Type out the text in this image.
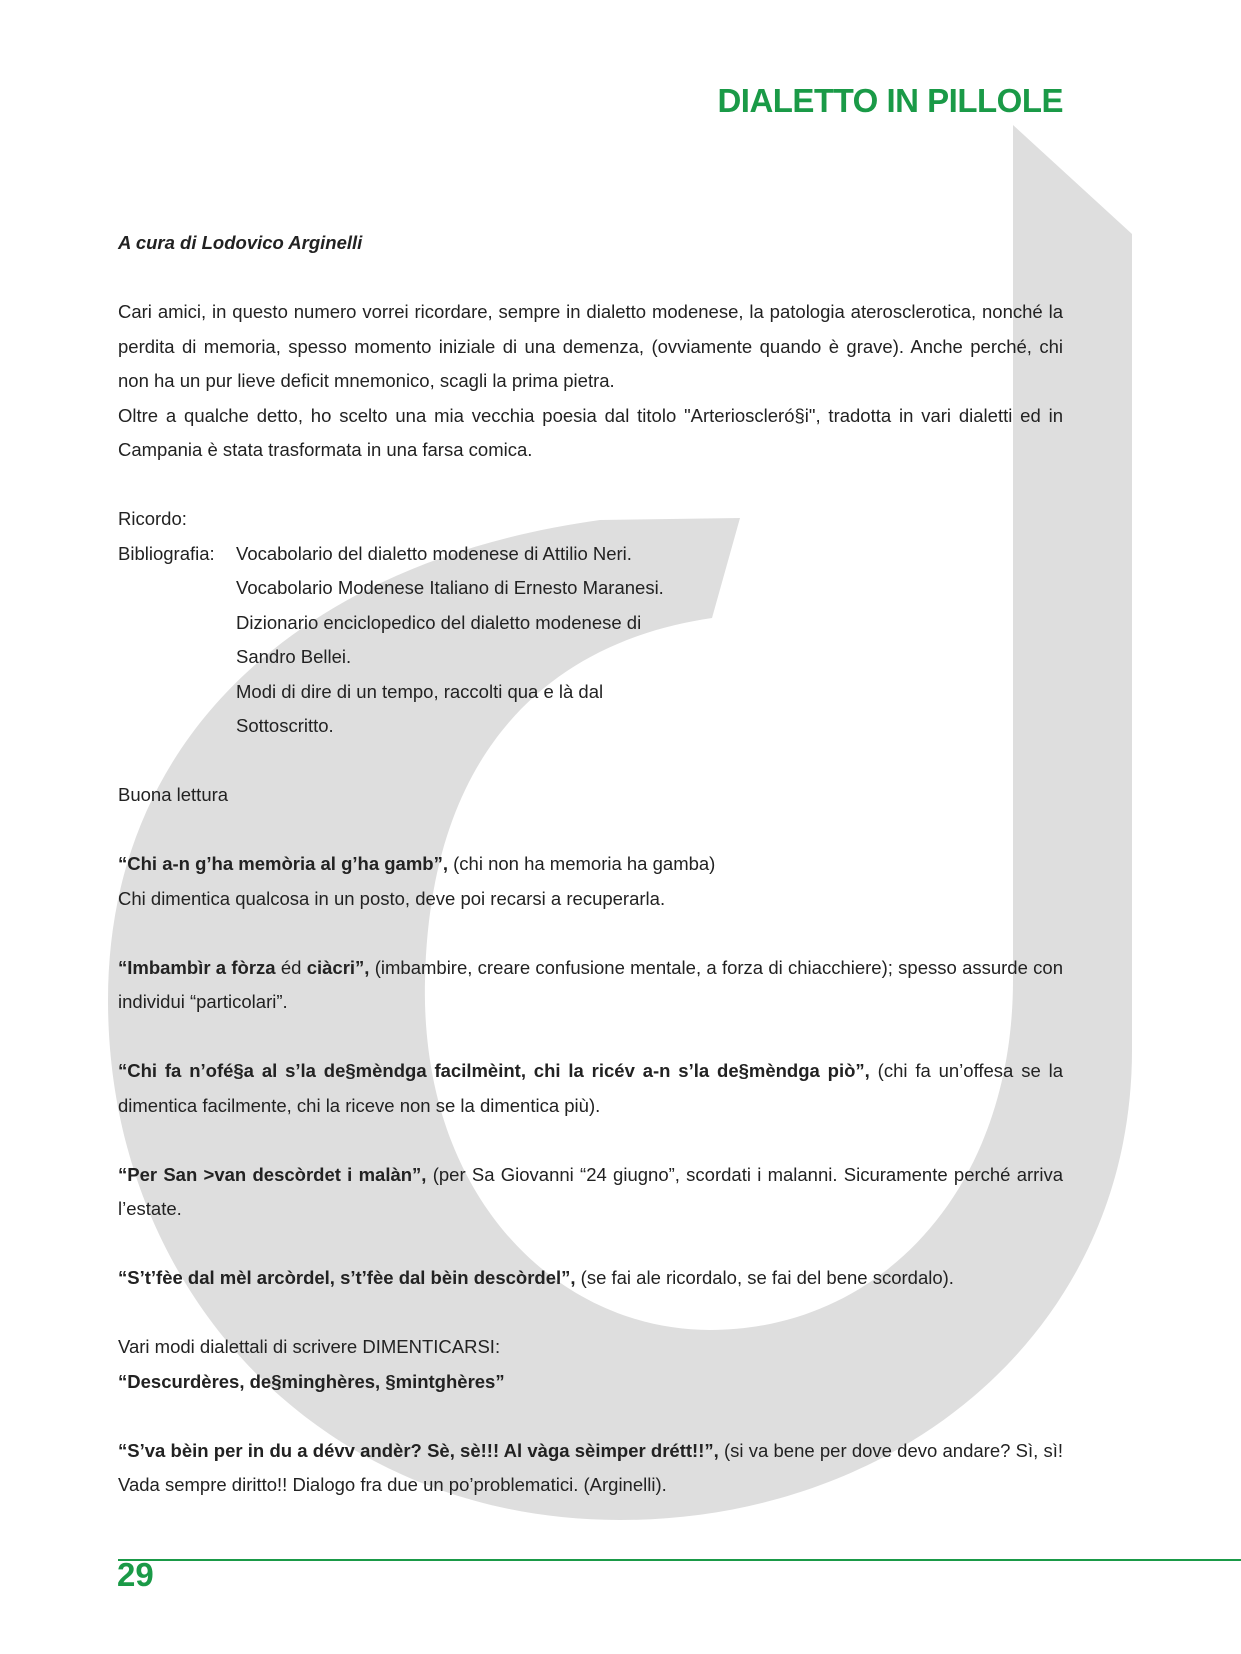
DIALETTO IN PILLOLE

A cura di Lodovico Arginelli

Cari amici, in questo numero vorrei ricordare, sempre in dialetto modenese, la patologia aterosclerotica, nonché la perdita di memoria, spesso momento iniziale di una demenza, (ovviamente quando è grave). Anche perché, chi non ha un pur lieve deficit mnemonico, scagli la prima pietra.

Oltre a qualche detto, ho scelto una mia vecchia poesia dal titolo "Arterioscleró§i", tradotta in vari dialetti ed in Campania è stata trasformata in una farsa comica.

Ricordo:

Bibliografia:	Vocabolario del dialetto modenese di Attilio Neri.
Vocabolario Modenese Italiano di Ernesto Maranesi.
Dizionario enciclopedico del dialetto modenese di
Sandro Bellei.
Modi di dire di un tempo, raccolti qua e là dal
Sottoscritto.

Buona lettura

“Chi a-n g’ha memòria al g’ha gamb”, (chi non ha memoria ha gamba)

Chi dimentica qualcosa in un posto, deve poi recarsi a recuperarla.

“Imbambìr a fòrza éd ciàcri”, (imbambire, creare confusione mentale, a forza di chiacchiere); spesso assurde con individui “particolari”.

“Chi fa n’ofé§a al s’la de§mèndga facilmèint, chi la ricév a-n s’la de§mèndga piò”, (chi fa un’offesa se la dimentica facilmente, chi la riceve non se la dimentica più).

“Per San >van descòrdet i malàn”, (per Sa Giovanni “24 giugno”, scordati i malanni. Sicuramente perché arriva l’estate.

“S’t’fèe dal mèl arcòrdel, s’t’fèe dal bèin descòrdel”, (se fai ale ricordalo, se fai del bene scordalo).

Vari modi dialettali di scrivere DIMENTICARSI:

“Descurdères, de§minghères, §mintghères”

“S’va bèin per in du a dévv andèr? Sè, sè!!! Al vàga sèimper drétt!!”, (si va bene per dove devo andare? Sì, sì! Vada sempre diritto!! Dialogo fra due un po’problematici. (Arginelli).

29
